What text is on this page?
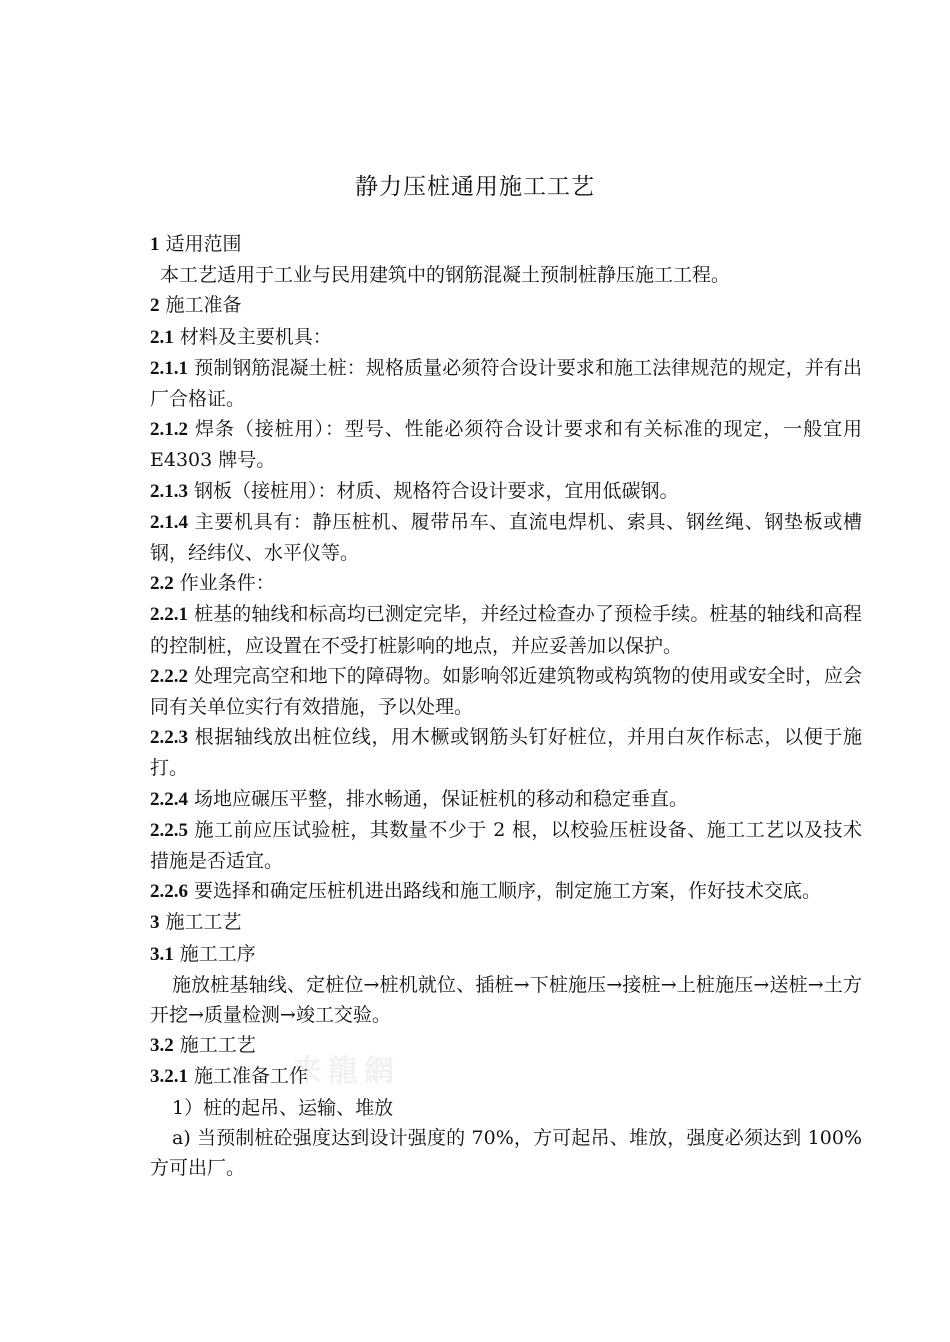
来龍網
静力压桩通用施工工艺

1 适用范围

本工艺适用于工业与民用建筑中的钢筋混凝土预制桩静压施工工程。

2 施工准备

2.1 材料及主要机具：

2.1.1 预制钢筋混凝土桩：规格质量必须符合设计要求和施工法律规范的规定，并有出厂合格证。

2.1.2 焊条（接桩用）：型号、性能必须符合设计要求和有关标准的现定，一般宜用 E4303 牌号。

2.1.3 钢板（接桩用）：材质、规格符合设计要求，宜用低碳钢。

2.1.4 主要机具有：静压桩机、履带吊车、直流电焊机、索具、钢丝绳、钢垫板或槽钢，经纬仪、水平仪等。

2.2 作业条件：

2.2.1 桩基的轴线和标高均已测定完毕，并经过检查办了预检手续。桩基的轴线和高程的控制桩，应设置在不受打桩影响的地点，并应妥善加以保护。

2.2.2 处理完高空和地下的障碍物。如影响邻近建筑物或构筑物的使用或安全时，应会同有关单位实行有效措施，予以处理。

2.2.3 根据轴线放出桩位线，用木橛或钢筋头钉好桩位，并用白灰作标志，以便于施打。

2.2.4 场地应碾压平整，排水畅通，保证桩机的移动和稳定垂直。

2.2.5 施工前应压试验桩，其数量不少于 2 根，以校验压桩设备、施工工艺以及技术措施是否适宜。

2.2.6 要选择和确定压桩机进出路线和施工顺序，制定施工方案，作好技术交底。

3 施工工艺

3.1 施工工序

施放桩基轴线、定桩位→桩机就位、插桩→下桩施压→接桩→上桩施压→送桩→土方开挖→质量检测→竣工交验。

3.2 施工工艺

3.2.1 施工准备工作

1）桩的起吊、运输、堆放

a) 当预制桩砼强度达到设计强度的 70%，方可起吊、堆放，强度必须达到 100%方可出厂。
